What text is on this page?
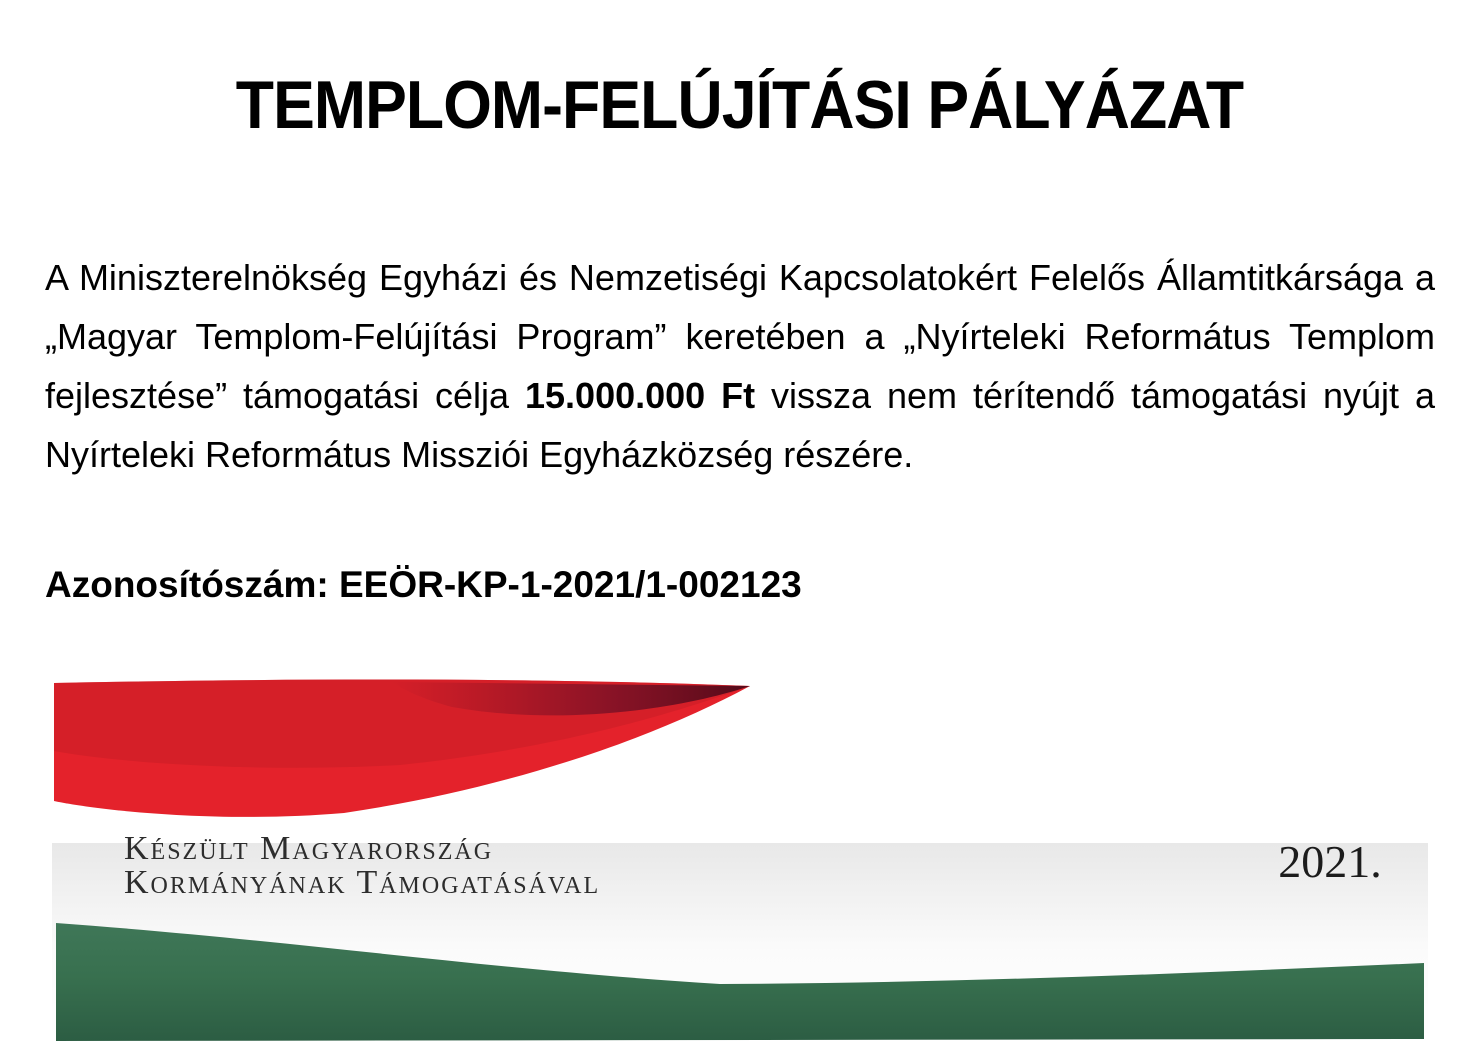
TEMPLOM-FELÚJÍTÁSI PÁLYÁZAT
A Miniszterelnökség Egyházi és Nemzetiségi Kapcsolatokért Felelős Államtitkársága a „Magyar Templom-Felújítási Program” keretében a „Nyírteleki Református Templom fejlesztése” támogatási célja 15.000.000 Ft vissza nem térítendő támogatási nyújt a Nyírteleki Református Missziói Egyházközség részére.
Azonosítószám: EEÖR-KP-1-2021/1-002123
Készült Magyarország
Kormányának Támogatásával	2021.
